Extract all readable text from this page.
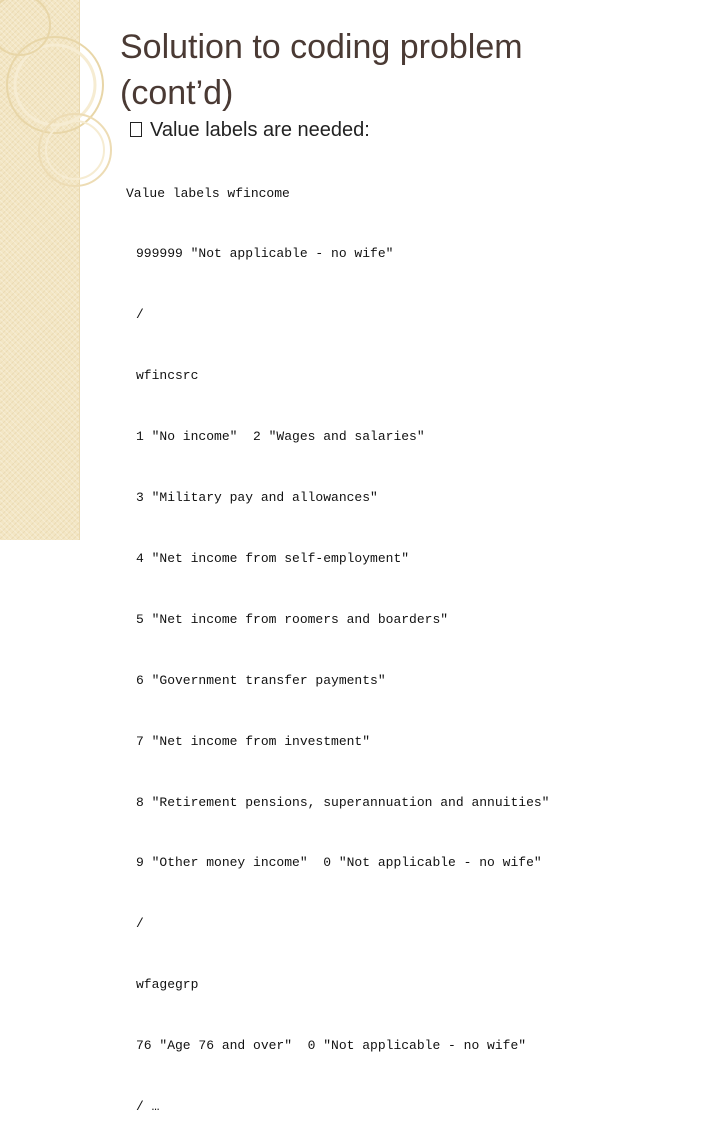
Solution to coding problem
(cont’d)
Value labels are needed:

Value labels wfincome

999999 "Not applicable - no wife"

/

wfincsrc

1 "No income"  2 "Wages and salaries"

3 "Military pay and allowances"

4 "Net income from self-employment"

5 "Net income from roomers and boarders"

6 "Government transfer payments"

7 "Net income from investment"

8 "Retirement pensions, superannuation and annuities"

9 "Other money income"  0 "Not applicable - no wife"

/

wfagegrp

76 "Age 76 and over"  0 "Not applicable - no wife"

/ …
